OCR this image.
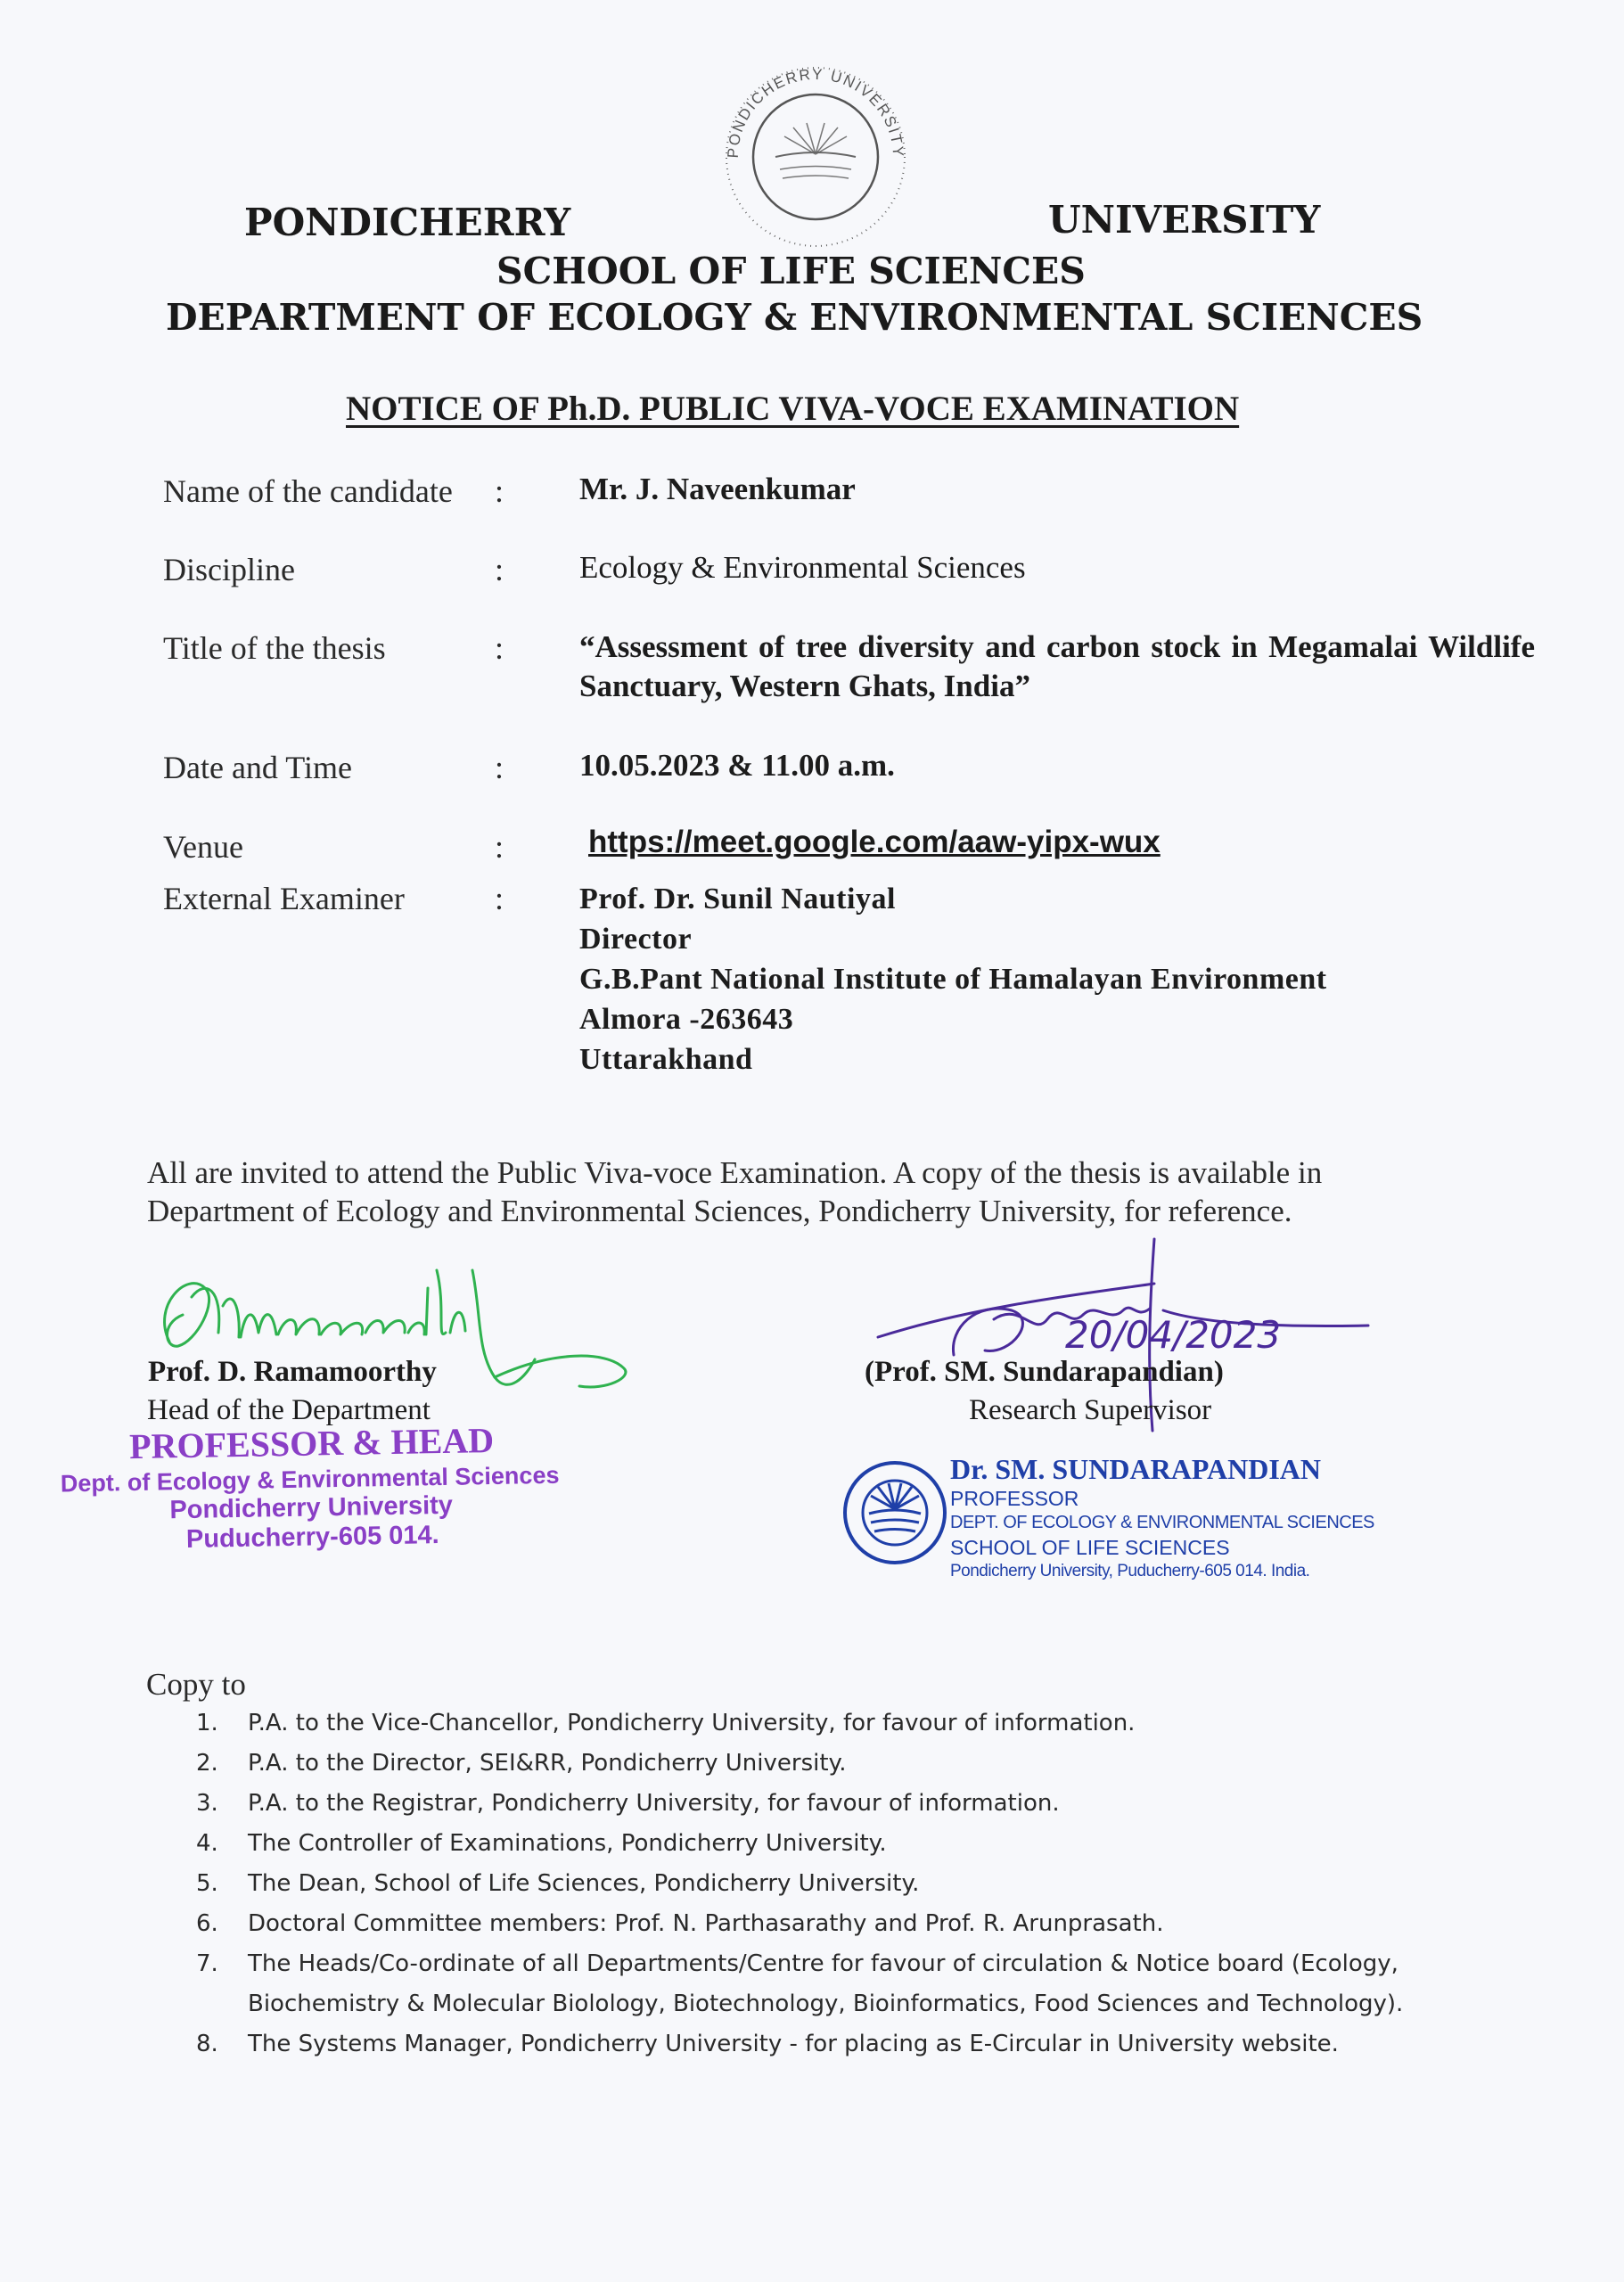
PONDICHERRY UNIVERSITY
PONDICHERRY	UNIVERSITY
SCHOOL OF LIFE SCIENCES
DEPARTMENT OF ECOLOGY & ENVIRONMENTAL SCIENCES
NOTICE OF Ph.D. PUBLIC VIVA-VOCE EXAMINATION
Name of the candidate : Mr. J. Naveenkumar
Discipline	: Ecology & Environmental Sciences
Title of the thesis	: “Assessment of tree diversity and carbon stock in Megamalai Wildlife Sanctuary, Western Ghats, India”
Date and Time	: 10.05.2023 & 11.00 a.m.
Venue	:	https://meet.google.com/aaw-yipx-wux
External Examiner	: Prof. Dr. Sunil Nautiyal
Director
G.B.Pant National Institute of Hamalayan Environment
Almora -263643
Uttarakhand
All are invited to attend the Public Viva-voce Examination. A copy of the thesis is available in Department of Ecology and Environmental Sciences, Pondicherry University, for reference.
20/04/2023
Prof. D. Ramamoorthy
Head of the Department
(Prof. SM. Sundarapandian)
Research Supervisor
PROFESSOR & HEAD
Dept. of Ecology & Environmental Sciences
Pondicherry University
Puducherry-605 014.
Dr. SM. SUNDARAPANDIAN
PROFESSOR
DEPT. OF ECOLOGY & ENVIRONMENTAL SCIENCES
SCHOOL OF LIFE SCIENCES
Pondicherry University, Puducherry-605 014. India.
Copy to
1. P.A. to the Vice-Chancellor, Pondicherry University, for favour of information.
2. P.A. to the Director, SEI&RR, Pondicherry University.
3. P.A. to the Registrar, Pondicherry University, for favour of information.
4. The Controller of Examinations, Pondicherry University.
5. The Dean, School of Life Sciences, Pondicherry University.
6. Doctoral Committee members: Prof. N. Parthasarathy and Prof. R. Arunprasath.
7. The Heads/Co-ordinate of all Departments/Centre for favour of circulation & Notice board (Ecology, Biochemistry & Molecular Biolology, Biotechnology, Bioinformatics, Food Sciences and Technology).
8. The Systems Manager, Pondicherry University - for placing as E-Circular in University website.
